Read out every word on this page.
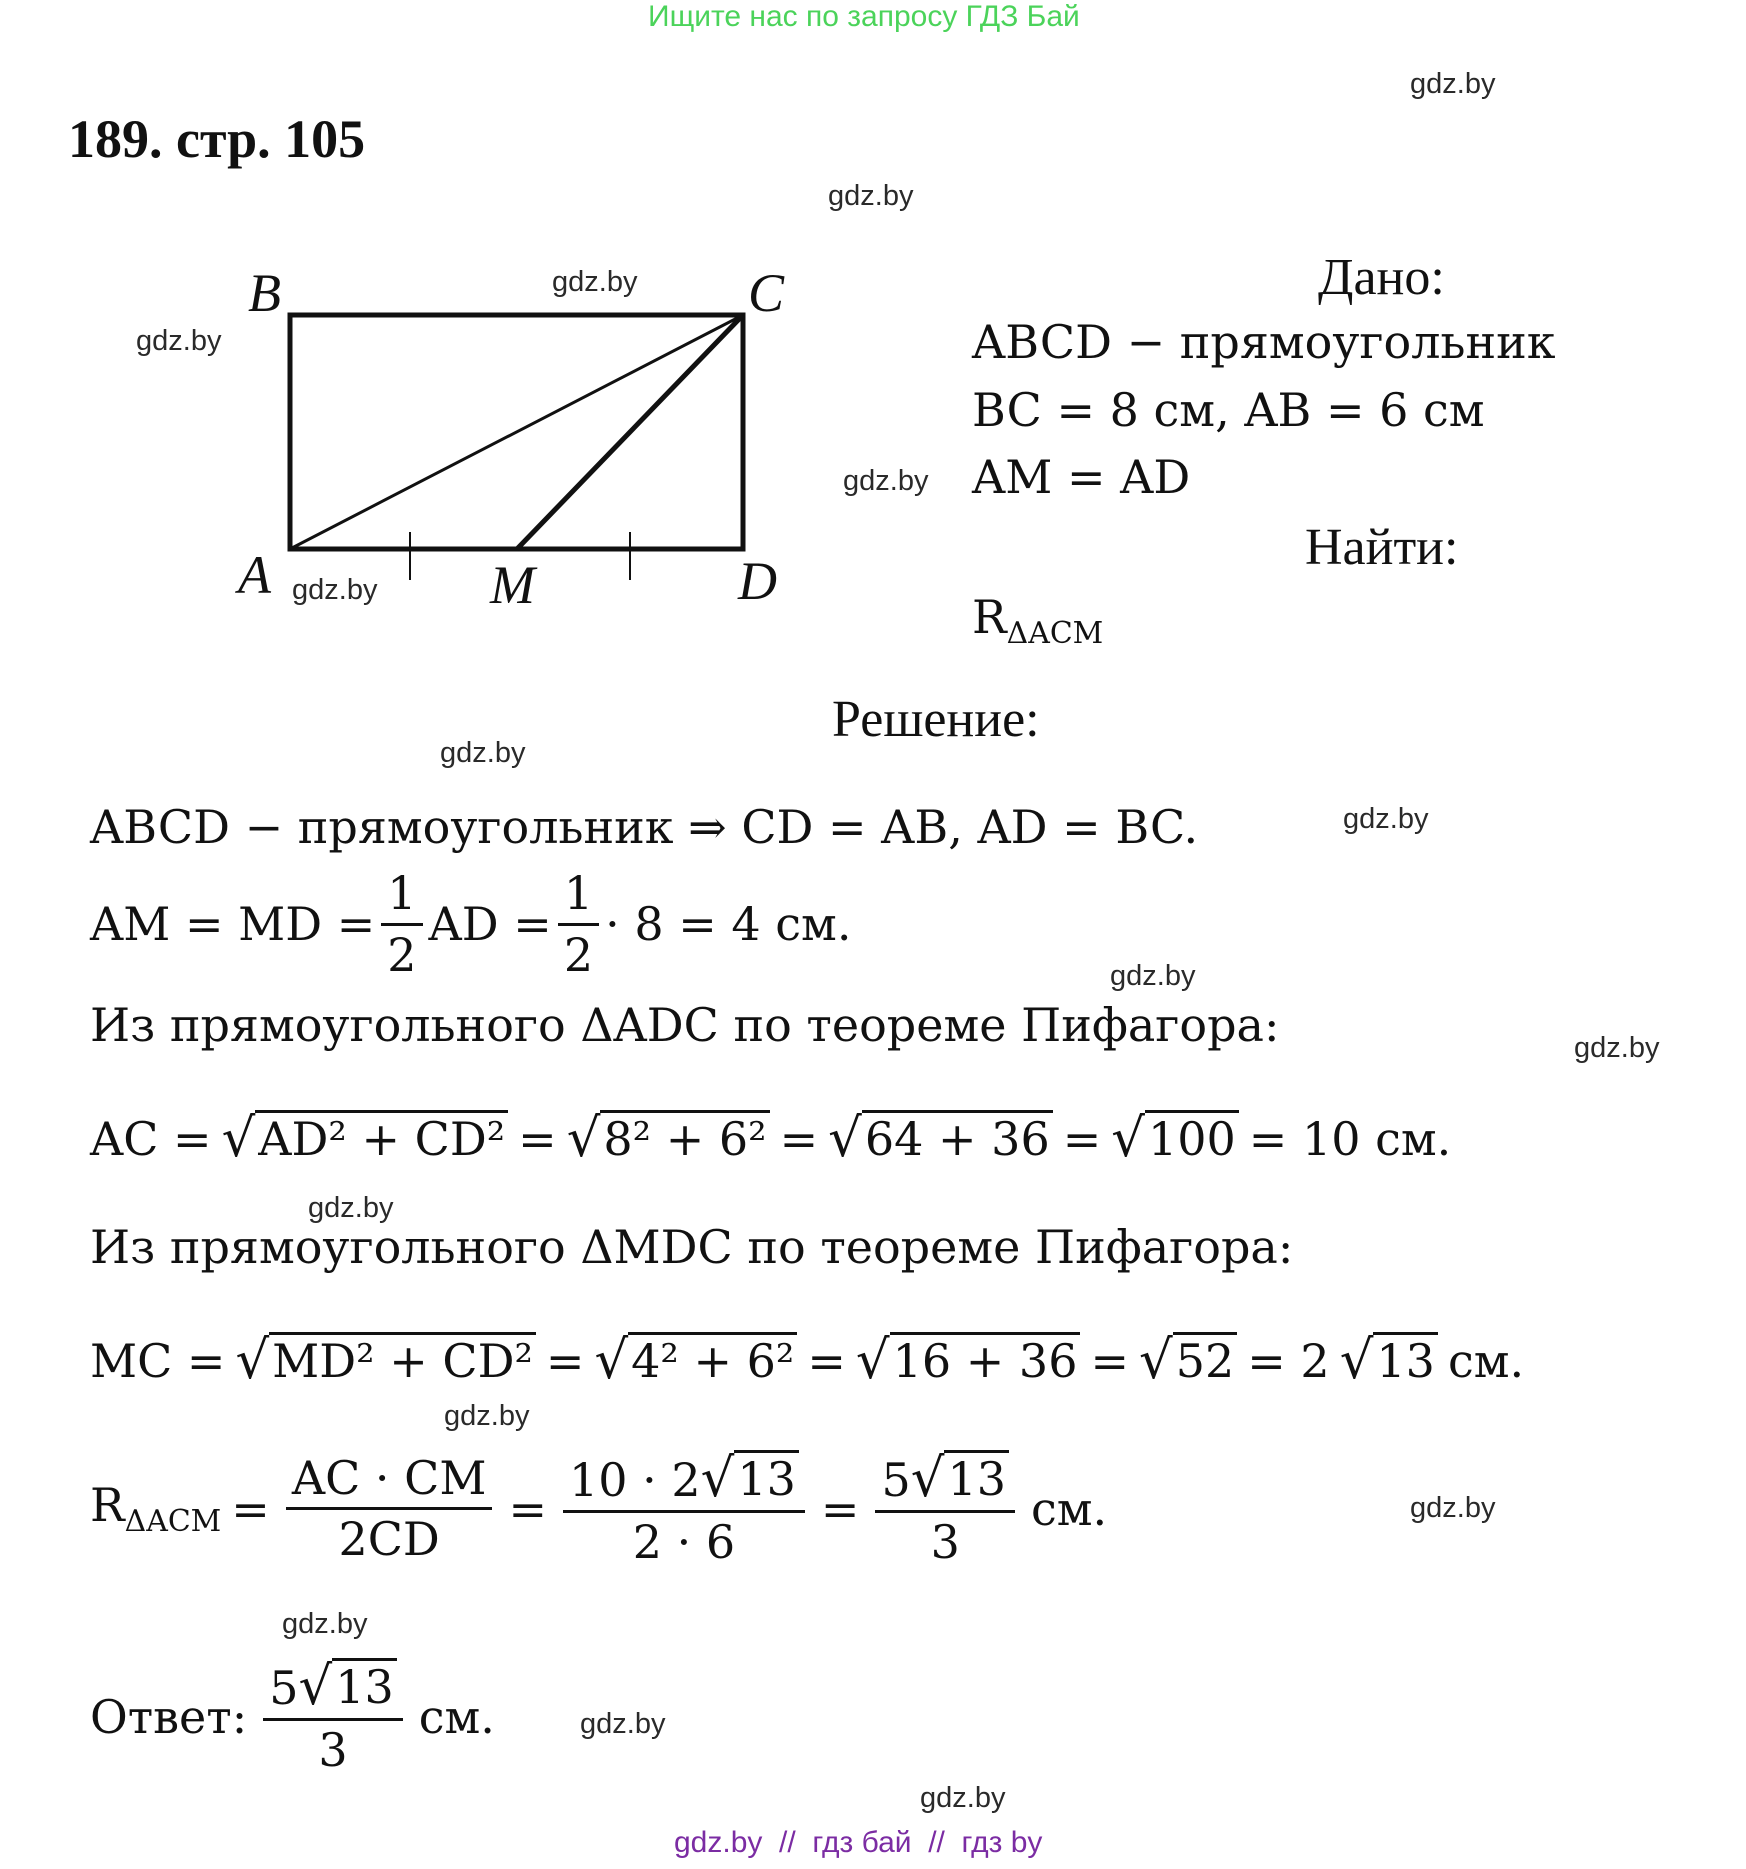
Ищите нас по запросу ГДЗ Бай
189. стр. 105
gdz.by
gdz.by
gdz.by
gdz.by
gdz.by
gdz.by
gdz.by
gdz.by
gdz.by
gdz.by
gdz.by
gdz.by
gdz.by
gdz.by
gdz.by
gdz.by
B	C
A	M	D
Дано:
ABCD − прямоугольник
BC = 8 см, AB = 6 см
AM = AD
Найти:
$R_{\Delta ACM}$
Решение:
ABCD − прямоугольник ⇒ CD = AB, AD = BC.
AM = MD = $\frac{1}{2}$ AD = $\frac{1}{2} \cdot 8 = 4$ см.
Из прямоугольного ΔADC по теореме Пифагора:
AC = √ AD² + CD² = √ 8² + 6² = √ 64 + 36 = √ 100 = 10 см.
Из прямоугольного ΔMDC по теореме Пифагора:
MC = √ MD² + CD² = √ 4² + 6² = √ 16 + 36 = √ 52 = 2 √ 13 см.
$R_{\Delta ACM} = \frac{AC \cdot CM}{2CD} = \frac{10 \cdot 2 √ 13}{2 \cdot 6} = \frac{5 √ 13}{3}$ см.
Ответ: $\frac{5 √ 13}{3}$ см.
gdz.by  //  гдз бай  //  гдз by
